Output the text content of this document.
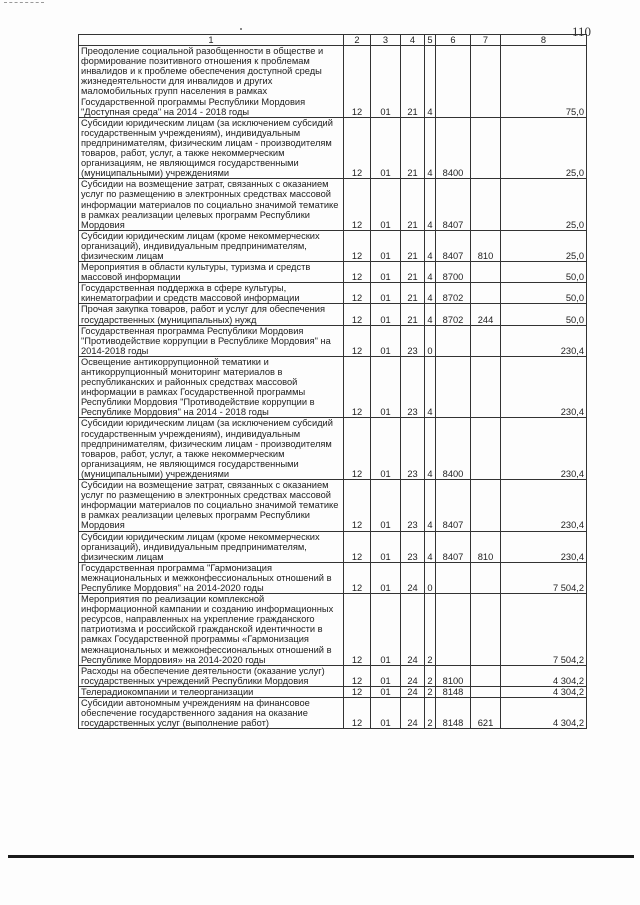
110
1	2	3	4	5	6	7	8
Преодоление социальной разобщенности в обществе и формирование позитивного отношения к проблемам инвалидов и к проблеме обеспечения доступной среды жизнедеятельности для инвалидов и других маломобильных групп населения в рамках Государственной программы Республики Мордовия "Доступная среда" на 2014 - 2018 годы	12	01	21	4			75,0
Субсидии юридическим лицам (за исключением субсидий государственным учреждениям), индивидуальным предпринимателям, физическим лицам - производителям товаров, работ, услуг, а также некоммерческим организациям, не являющимся государственными (муниципальными) учреждениями	12	01	21	4	8400		25,0
Субсидии на возмещение затрат, связанных с оказанием услуг по размещению в электронных средствах массовой информации материалов по социально значимой тематике в рамках реализации целевых программ Республики Мордовия	12	01	21	4	8407		25,0
Субсидии юридическим лицам (кроме некоммерческих организаций), индивидуальным предпринимателям, физическим лицам	12	01	21	4	8407	810	25,0
Мероприятия в области культуры, туризма и средств массовой информации	12	01	21	4	8700		50,0
Государственная поддержка в сфере культуры, кинематографии и средств массовой информации	12	01	21	4	8702		50,0
Прочая закупка товаров, работ и услуг для обеспечения государственных (муниципальных) нужд	12	01	21	4	8702	244	50,0
Государственная программа Республики Мордовия "Противодействие коррупции в Республике Мордовия" на 2014-2018 годы	12	01	23	0			230,4
Освещение антикоррупционной тематики и антикоррупционный мониторинг материалов в республиканских и районных средствах массовой информации в рамках Государственной программы Республики Мордовия "Противодействие коррупции в Республике Мордовия" на 2014 - 2018 годы	12	01	23	4			230,4
Субсидии юридическим лицам (за исключением субсидий государственным учреждениям), индивидуальным предпринимателям, физическим лицам - производителям товаров, работ, услуг, а также некоммерческим организациям, не являющимся государственными (муниципальными) учреждениями	12	01	23	4	8400		230,4
Субсидии на возмещение затрат, связанных с оказанием услуг по размещению в электронных средствах массовой информации материалов по социально значимой тематике в рамках реализации целевых программ Республики Мордовия	12	01	23	4	8407		230,4
Субсидии юридическим лицам (кроме некоммерческих организаций), индивидуальным предпринимателям, физическим лицам	12	01	23	4	8407	810	230,4
Государственная программа "Гармонизация межнациональных и межконфессиональных отношений в Республике Мордовия" на 2014-2020 годы	12	01	24	0			7 504,2
Мероприятия по реализации комплексной информационной кампании и созданию информационных ресурсов, направленных на укрепление гражданского патриотизма и российской гражданской идентичности в рамках Государственной программы «Гармонизация межнациональных и межконфессиональных отношений в Республике Мордовия» на 2014-2020 годы	12	01	24	2			7 504,2
Расходы на обеспечение деятельности (оказание услуг) государственных учреждений Республики Мордовия	12	01	24	2	8100		4 304,2
Телерадиокомпании и телеорганизации	12	01	24	2	8148		4 304,2
Субсидии автономным учреждениям на финансовое обеспечение государственного задания на оказание государственных услуг (выполнение работ)	12	01	24	2	8148	621	4 304,2
